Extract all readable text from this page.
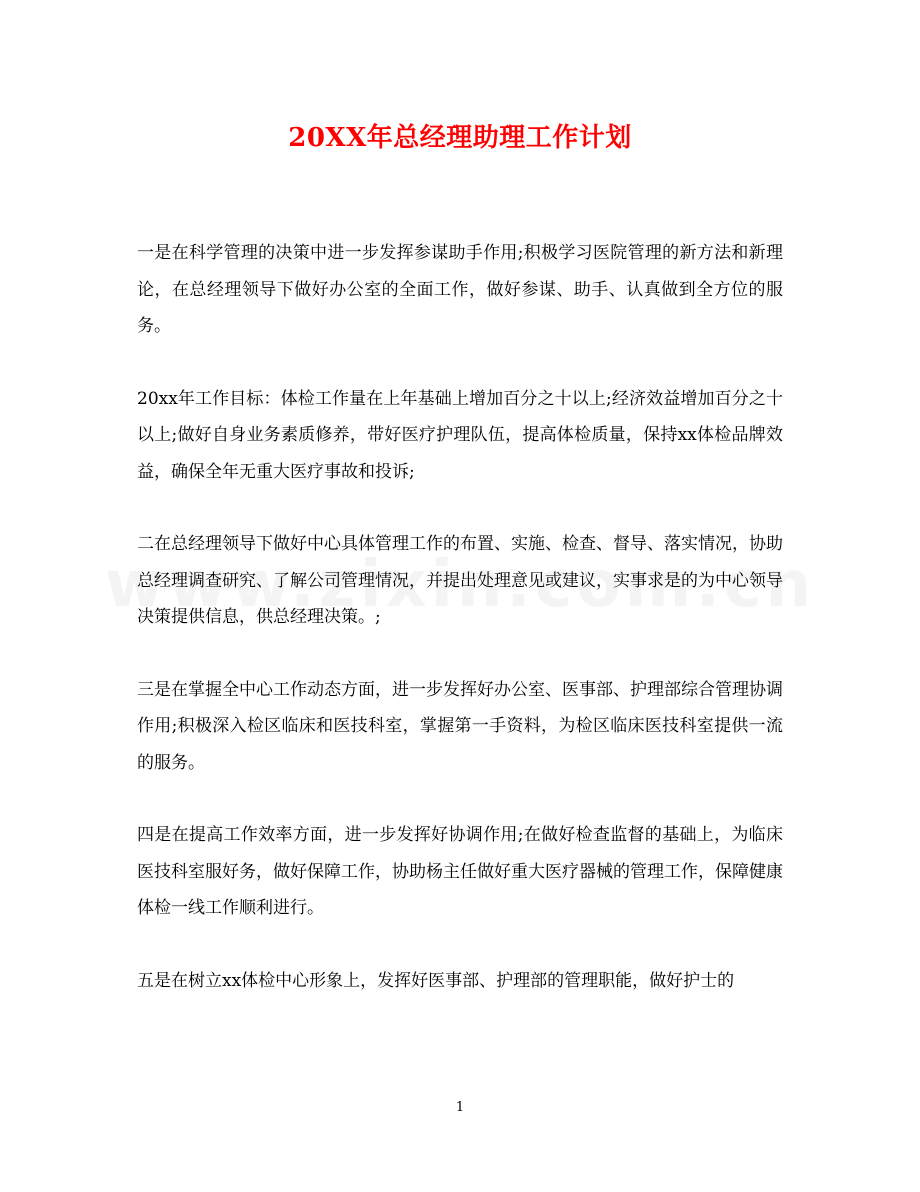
20XX年总经理助理工作计划

一是在科学管理的决策中进一步发挥参谋助手作用;积极学习医院管理的新方法和新理论，在总经理领导下做好办公室的全面工作，做好参谋、助手、认真做到全方位的服务。

20xx年工作目标：体检工作量在上年基础上增加百分之十以上;经济效益增加百分之十以上;做好自身业务素质修养，带好医疗护理队伍，提高体检质量，保持xx体检品牌效益，确保全年无重大医疗事故和投诉;

二在总经理领导下做好中心具体管理工作的布置、实施、检查、督导、落实情况，协助总经理调查研究、了解公司管理情况，并提出处理意见或建议，实事求是的为中心领导决策提供信息，供总经理决策。;

三是在掌握全中心工作动态方面，进一步发挥好办公室、医事部、护理部综合管理协调作用;积极深入检区临床和医技科室，掌握第一手资料，为检区临床医技科室提供一流的服务。

四是在提高工作效率方面，进一步发挥好协调作用;在做好检查监督的基础上，为临床医技科室服好务，做好保障工作，协助杨主任做好重大医疗器械的管理工作，保障健康体检一线工作顺利进行。

五是在树立xx体检中心形象上，发挥好医事部、护理部的管理职能，做好护士的

1
